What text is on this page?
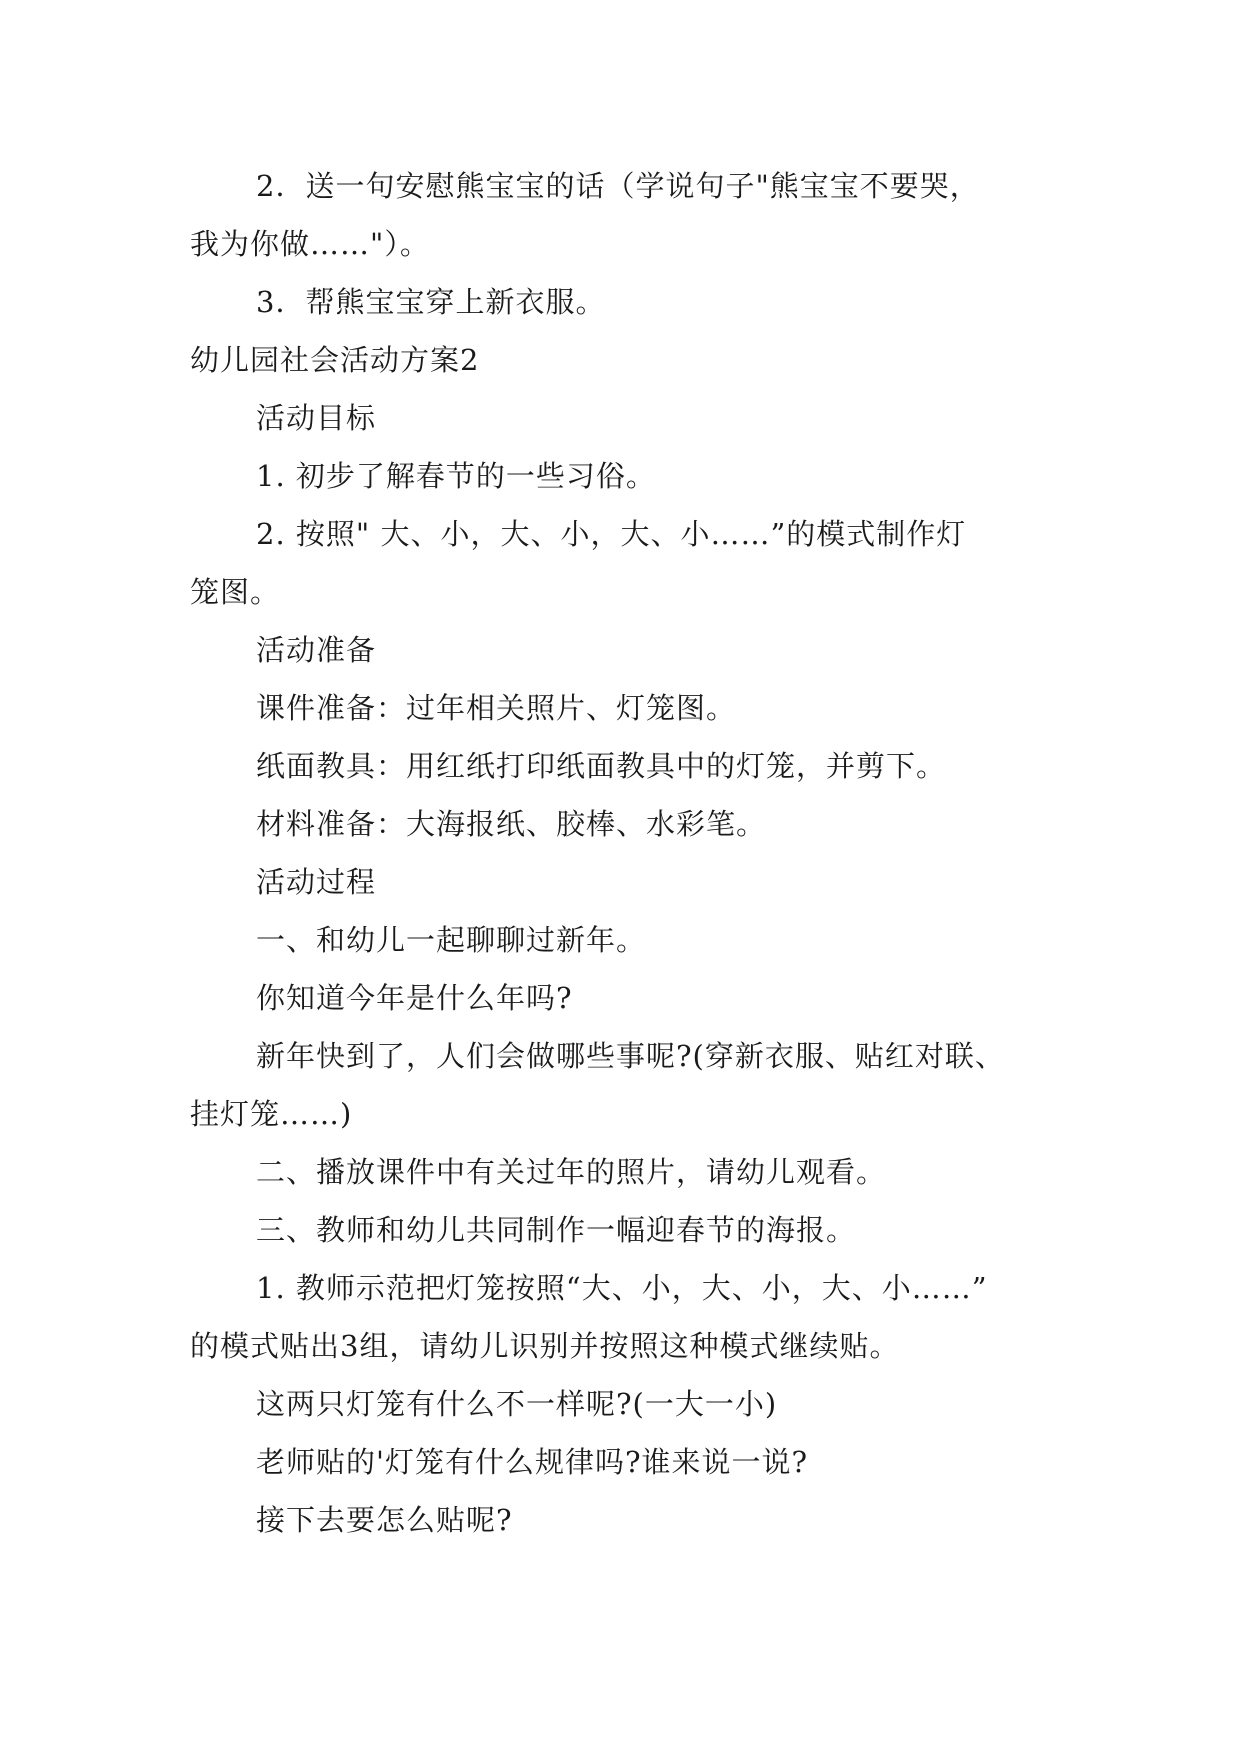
2．送一句安慰熊宝宝的话（学说句子"熊宝宝不要哭，

我为你做……"）。

3．帮熊宝宝穿上新衣服。

幼儿园社会活动方案2

活动目标

1. 初步了解春节的一些习俗。

2. 按照" 大、小，大、小，大、小……”的模式制作灯

笼图。

活动准备

课件准备：过年相关照片、灯笼图。

纸面教具：用红纸打印纸面教具中的灯笼，并剪下。

材料准备：大海报纸、胶棒、水彩笔。

活动过程

一、和幼儿一起聊聊过新年。

你知道今年是什么年吗?

新年快到了，人们会做哪些事呢?(穿新衣服、贴红对联、

挂灯笼……)

二、播放课件中有关过年的照片，请幼儿观看。

三、教师和幼儿共同制作一幅迎春节的海报。

1. 教师示范把灯笼按照“大、小，大、小，大、小……”

的模式贴出3组，请幼儿识别并按照这种模式继续贴。

这两只灯笼有什么不一样呢?(一大一小)

老师贴的'灯笼有什么规律吗?谁来说一说?

接下去要怎么贴呢?
